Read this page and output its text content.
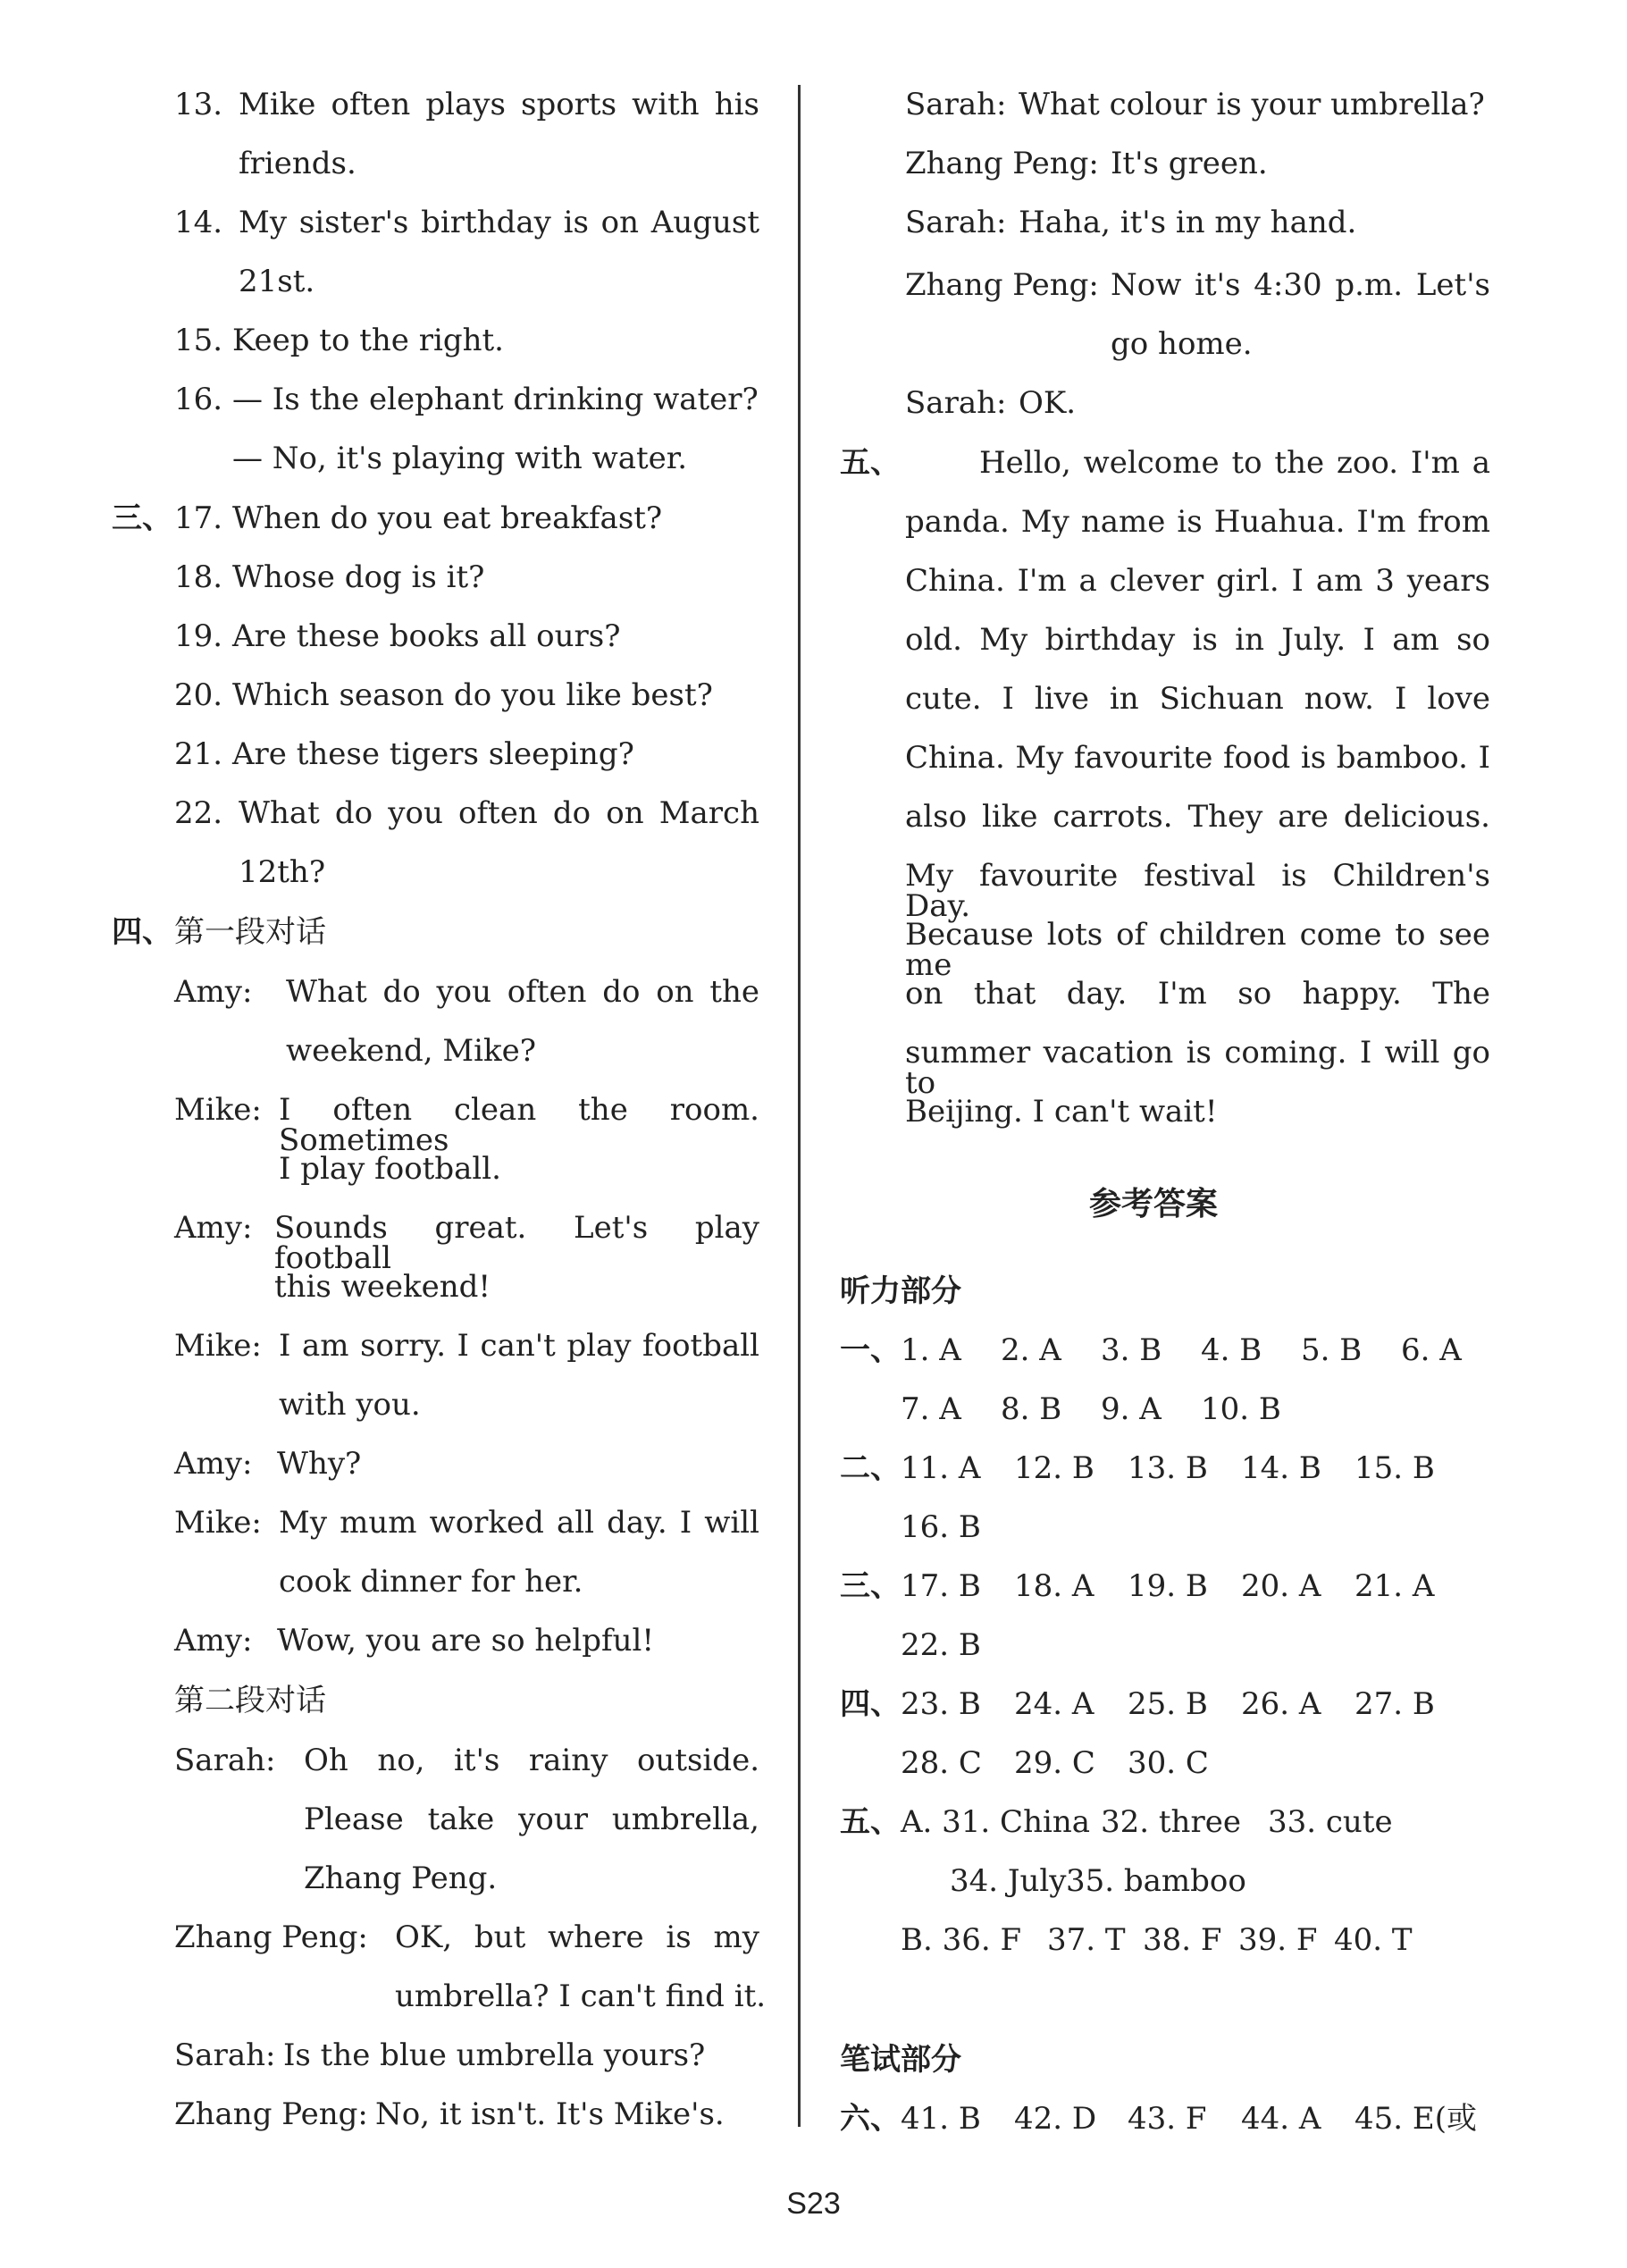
13. Mike often plays sports with his
friends.
14. My sister's birthday is on August
21st.
15. Keep to the right.
16. — Is the elephant drinking water?
— No, it's playing with water.
三、 17. When do you eat breakfast?
18. Whose dog is it?
19. Are these books all ours?
20. Which season do you like best?
21. Are these tigers sleeping?
22. What do you often do on March
12th?
四、 第一段对话
Amy: What do you often do on the
weekend, Mike?
Mike: I often clean the room. Sometimes
I play football.
Amy: Sounds great. Let's play football
this weekend!
Mike: I am sorry. I can't play football
with you.
Amy: Why?
Mike: My mum worked all day. I will
cook dinner for her.
Amy: Wow, you are so helpful!
第二段对话
Sarah: Oh no, it's rainy outside.
Please take your umbrella,
Zhang Peng.
Zhang Peng: OK, but where is my
umbrella? I can't find it.
Sarah: Is the blue umbrella yours?
Zhang Peng: No, it isn't. It's Mike's.
Sarah: What colour is your umbrella?
Zhang Peng: It's green.
Sarah: Haha, it's in my hand.
Zhang Peng: Now it's 4:30 p.m. Let's
go home.
Sarah: OK.
五、	Hello, welcome to the zoo. I'm a
panda. My name is Huahua. I'm from
China. I'm a clever girl. I am 3 years
old. My birthday is in July. I am so
cute. I live in Sichuan now. I love
China. My favourite food is bamboo. I
also like carrots. They are delicious.
My favourite festival is Children's Day.
Because lots of children come to see me
on that day. I'm so happy. The
summer vacation is coming. I will go to
Beijing. I can't wait!
参考答案
听力部分
一、 1. A 2. A 3. B 4. B 5. B 6. A
7. A 8. B 9. A 10. B
二、 11. A 12. B 13. B 14. B 15. B
16. B
三、 17. B 18. A 19. B 20. A 21. A
22. B
四、 23. B 24. A 25. B 26. A 27. B
28. C 29. C 30. C
五、 A. 31. China 32. three 33. cute
34. July 35. bamboo
B. 36. F 37. T 38. F 39. F 40. T
笔试部分
六、 41. B 42. D 43. F 44. A 45. E(或
S23
